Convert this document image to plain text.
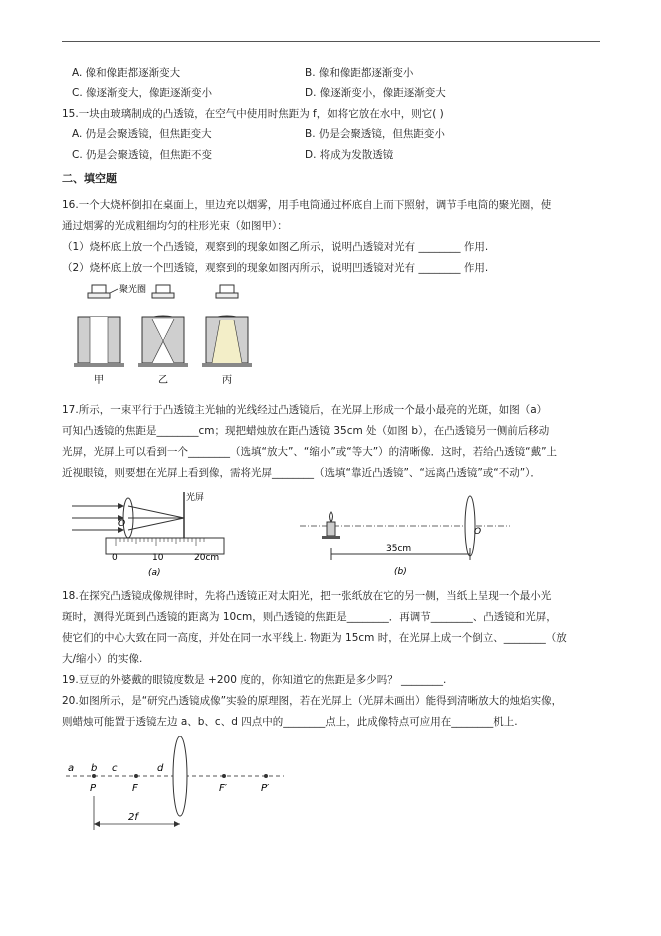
A. 像和像距都逐渐变大	B. 像和像距都逐渐变小
C. 像逐渐变大，像距逐渐变小	D. 像逐渐变小，像距逐渐变大
15.一块由玻璃制成的凸透镜，在空气中使用时焦距为 f，如将它放在水中，则它( )
A. 仍是会聚透镜，但焦距变大	B. 仍是会聚透镜，但焦距变小
C. 仍是会聚透镜，但焦距不变	D. 将成为发散透镜
二、填空题
16.一个大烧杯倒扣在桌面上，里边充以烟雾，用手电筒通过杯底自上而下照射，调节手电筒的聚光圈，使
通过烟雾的光成粗细均匀的柱形光束（如图甲）：
（1）烧杯底上放一个凸透镜，观察到的现象如图乙所示，说明凸透镜对光有 ________ 作用.
（2）烧杯底上放一个凹透镜，观察到的现象如图丙所示，说明凹透镜对光有 ________ 作用.
聚光圈
甲	乙	丙
17.所示，一束平行于凸透镜主光轴的光线经过凸透镜后，在光屏上形成一个最小最亮的光斑，如图（a）
可知凸透镜的焦距是________cm；现把蜡烛放在距凸透镜 35cm 处（如图 b），在凸透镜另一侧前后移动
光屏，光屏上可以看到一个________（选填“放大”、“缩小”或“等大”）的清晰像．这时，若给凸透镜“戴”上
近视眼镜，则要想在光屏上看到像，需将光屏________（选填“靠近凸透镜”、“远离凸透镜”或“不动”）．
光屏
O
0	10	20cm
(a)
O
35cm
(b)
18.在探究凸透镜成像规律时，先将凸透镜正对太阳光，把一张纸放在它的另一侧，当纸上呈现一个最小光
斑时，测得光斑到凸透镜的距离为 10cm，则凸透镜的焦距是________．再调节________、凸透镜和光屏，
使它们的中心大致在同一高度，并处在同一水平线上. 物距为 15cm 时，在光屏上成一个倒立、________（放
大/缩小）的实像.
19.豆豆的外婆戴的眼镜度数是 +200 度的，你知道它的焦距是多少吗？ ________.
20.如图所示，是“研究凸透镜成像”实验的原理图，若在光屏上（光屏未画出）能得到清晰放大的烛焰实像，
则蜡烛可能置于透镜左边 a、b、c、d 四点中的________点上，此成像特点可应用在________机上.
a b c	d
P	F	F′	P′
2f
